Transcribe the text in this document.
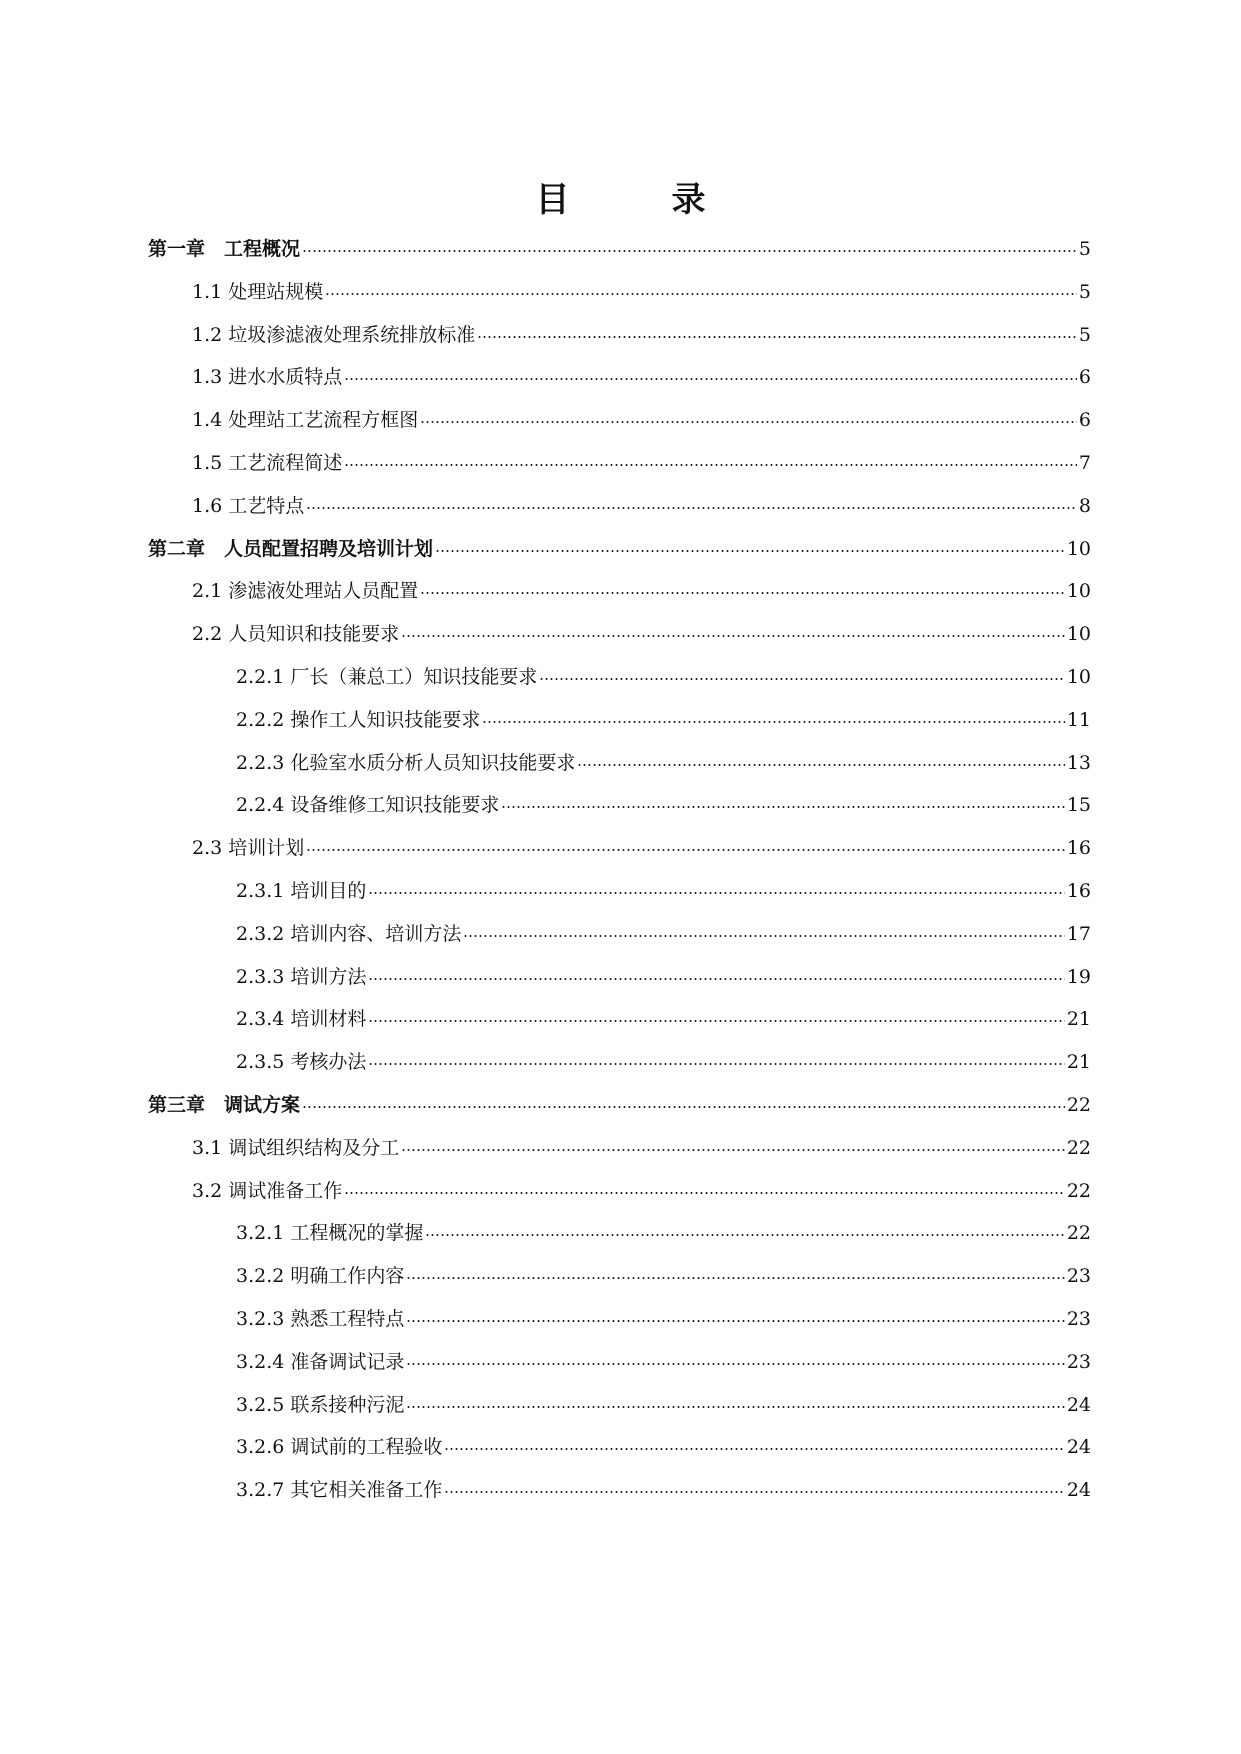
目　录
第一章　工程概况	5
1.1 处理站规模	5
1.2 垃圾渗滤液处理系统排放标准	5
1.3 进水水质特点	6
1.4 处理站工艺流程方框图	6
1.5 工艺流程简述	7
1.6 工艺特点	8
第二章　人员配置招聘及培训计划	10
2.1 渗滤液处理站人员配置	10
2.2 人员知识和技能要求	10
2.2.1 厂长（兼总工）知识技能要求	10
2.2.2 操作工人知识技能要求	11
2.2.3 化验室水质分析人员知识技能要求	13
2.2.4 设备维修工知识技能要求	15
2.3 培训计划	16
2.3.1 培训目的	16
2.3.2 培训内容、培训方法	17
2.3.3 培训方法	19
2.3.4 培训材料	21
2.3.5 考核办法	21
第三章　调试方案	22
3.1 调试组织结构及分工	22
3.2 调试准备工作	22
3.2.1 工程概况的掌握	22
3.2.2 明确工作内容	23
3.2.3 熟悉工程特点	23
3.2.4 准备调试记录	23
3.2.5 联系接种污泥	24
3.2.6 调试前的工程验收	24
3.2.7 其它相关准备工作	24
